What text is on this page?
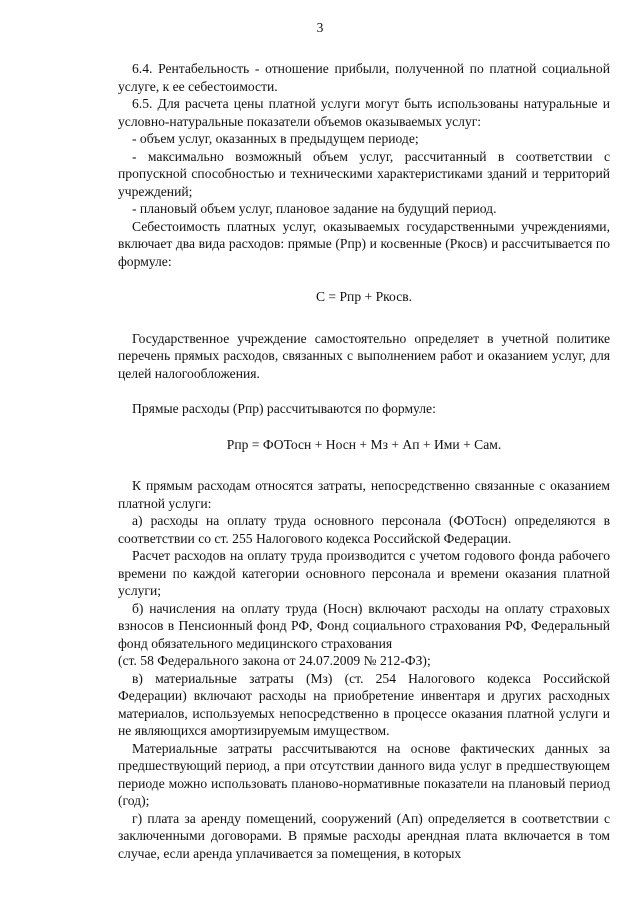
3

6.4. Рентабельность - отношение прибыли, полученной по платной социальной услуге, к ее себестоимости.

6.5. Для расчета цены платной услуги могут быть использованы натуральные и условно-натуральные показатели объемов оказываемых услуг:

- объем услуг, оказанных в предыдущем периоде;

- максимально возможный объем услуг, рассчитанный в соответствии с пропускной способностью и техническими характеристиками зданий и территорий учреждений;

- плановый объем услуг, плановое задание на будущий период.

Себестоимость платных услуг, оказываемых государственными учреждениями, включает два вида расходов: прямые (Рпр) и косвенные (Ркосв) и рассчитывается по формуле:

С = Рпр + Ркосв.

Государственное учреждение самостоятельно определяет в учетной политике перечень прямых расходов, связанных с выполнением работ и оказанием услуг, для целей налогообложения.

Прямые расходы (Рпр) рассчитываются по формуле:

Рпр = ФОТосн + Носн + Мз + Ап + Ими + Сам.

К прямым расходам относятся затраты, непосредственно связанные с оказанием платной услуги:

а) расходы на оплату труда основного персонала (ФОТосн) определяются в соответствии со ст. 255 Налогового кодекса Российской Федерации.

Расчет расходов на оплату труда производится с учетом годового фонда рабочего времени по каждой категории основного персонала и времени оказания платной услуги;

б) начисления на оплату труда (Носн) включают расходы на оплату страховых взносов в Пенсионный фонд РФ, Фонд социального страхования РФ, Федеральный фонд обязательного медицинского страхования

(ст. 58 Федерального закона от 24.07.2009 № 212-ФЗ);

в) материальные затраты (Мз) (ст. 254 Налогового кодекса Российской Федерации) включают расходы на приобретение инвентаря и других расходных материалов, используемых непосредственно в процессе оказания платной услуги и не являющихся амортизируемым имуществом.

Материальные затраты рассчитываются на основе фактических данных за предшествующий период, а при отсутствии данного вида услуг в предшествующем периоде можно использовать планово-нормативные показатели на плановый период (год);

г) плата за аренду помещений, сооружений (Ап) определяется в соответствии с заключенными договорами. В прямые расходы арендная плата включается в том случае, если аренда уплачивается за помещения, в которых
